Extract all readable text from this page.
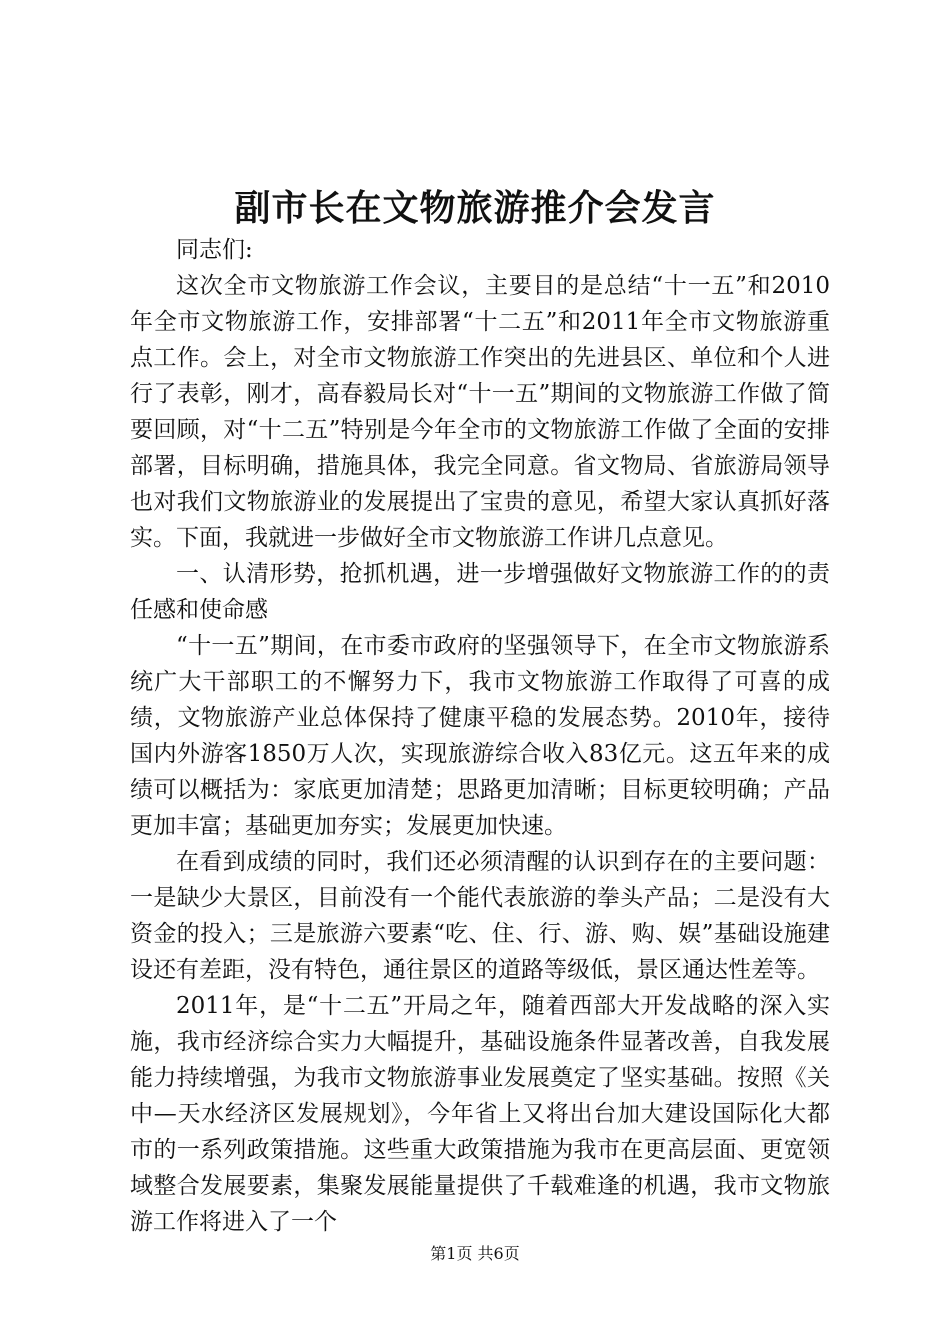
副市长在文物旅游推介会发言

同志们:

这次全市文物旅游工作会议，主要目的是总结“十一五”和2010年全市文物旅游工作，安排部署“十二五”和2011年全市文物旅游重点工作。会上，对全市文物旅游工作突出的先进县区、单位和个人进行了表彰，刚才，高春毅局长对“十一五”期间的文物旅游工作做了简要回顾，对“十二五”特别是今年全市的文物旅游工作做了全面的安排部署，目标明确，措施具体，我完全同意。省文物局、省旅游局领导也对我们文物旅游业的发展提出了宝贵的意见，希望大家认真抓好落实。下面，我就进一步做好全市文物旅游工作讲几点意见。

一、认清形势，抢抓机遇，进一步增强做好文物旅游工作的的责任感和使命感

“十一五”期间，在市委市政府的坚强领导下，在全市文物旅游系统广大干部职工的不懈努力下，我市文物旅游工作取得了可喜的成绩，文物旅游产业总体保持了健康平稳的发展态势。2010年，接待国内外游客1850万人次，实现旅游综合收入83亿元。这五年来的成绩可以概括为：家底更加清楚；思路更加清晰；目标更较明确；产品更加丰富；基础更加夯实；发展更加快速。

在看到成绩的同时，我们还必须清醒的认识到存在的主要问题：一是缺少大景区，目前没有一个能代表旅游的拳头产品；二是没有大资金的投入；三是旅游六要素“吃、住、行、游、购、娱”基础设施建设还有差距，没有特色，通往景区的道路等级低，景区通达性差等。

2011年，是“十二五”开局之年，随着西部大开发战略的深入实施，我市经济综合实力大幅提升，基础设施条件显著改善，自我发展能力持续增强，为我市文物旅游事业发展奠定了坚实基础。按照《关中—天水经济区发展规划》，今年省上又将出台加大建设国际化大都市的一系列政策措施。这些重大政策措施为我市在更高层面、更宽领域整合发展要素，集聚发展能量提供了千载难逢的机遇，我市文物旅游工作将进入了一个

第1页 共6页
